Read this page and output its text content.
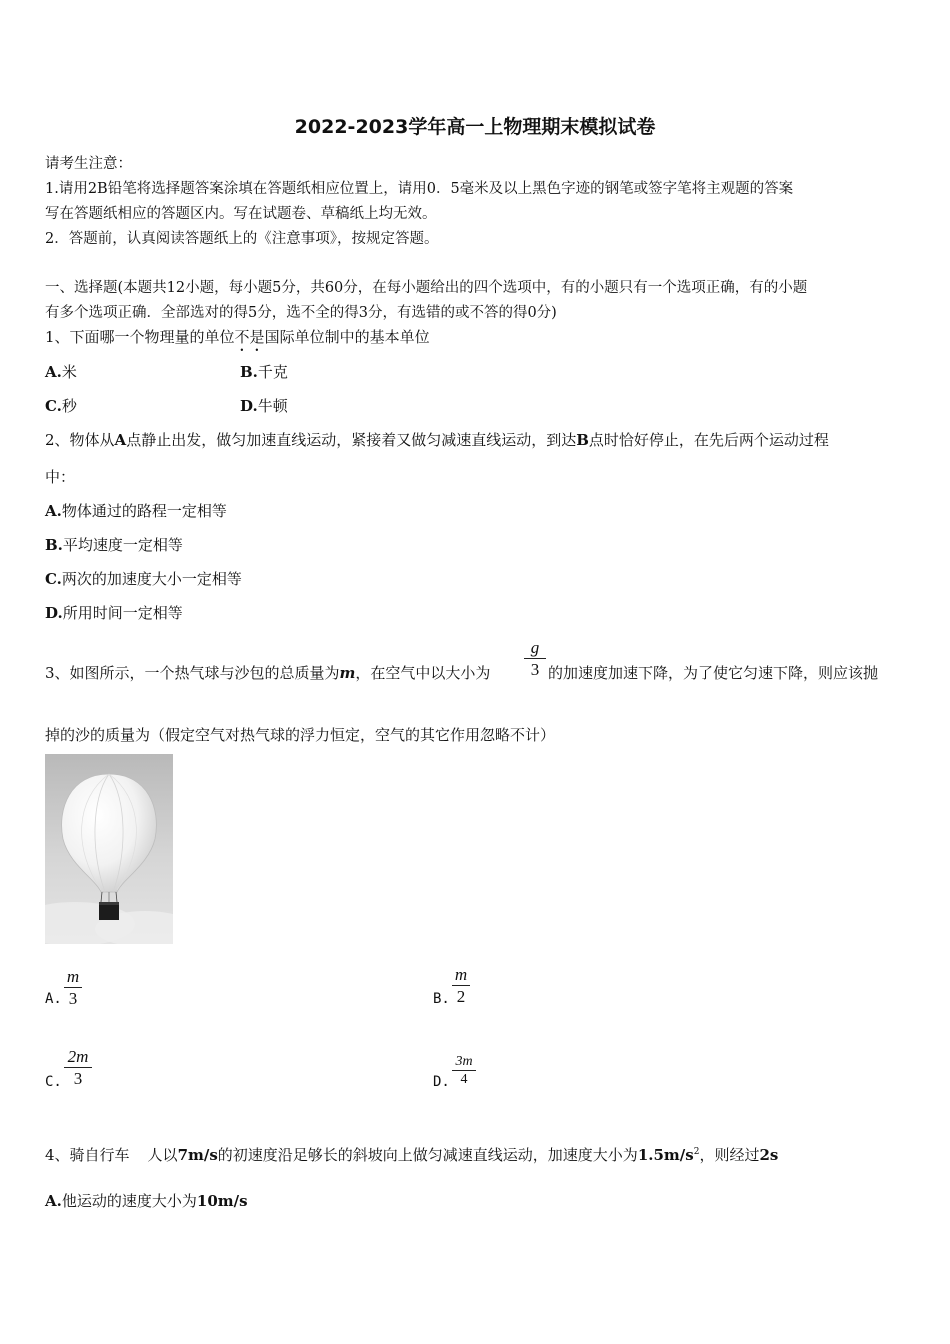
2022-2023学年高一上物理期末模拟试卷
请考生注意：
1.请用2B铅笔将选择题答案涂填在答题纸相应位置上，请用0．5毫米及以上黑色字迹的钢笔或签字笔将主观题的答案
写在答题纸相应的答题区内。写在试题卷、草稿纸上均无效。
2．答题前，认真阅读答题纸上的《注意事项》，按规定答题。
一、选择题(本题共12小题，每小题5分，共60分，在每小题给出的四个选项中，有的小题只有一个选项正确，有的小题
有多个选项正确．全部选对的得5分，选不全的得3分，有选错的或不答的得0分)
1、下面哪一个物理量的单位不是国际单位制中的基本单位
A.米	B.千克
C.秒	D.牛顿
2、物体从A点静止出发，做匀加速直线运动，紧接着又做匀减速直线运动，到达B点时恰好停止，在先后两个运动过程
中：
A.物体通过的路程一定相等
B.平均速度一定相等
C.两次的加速度大小一定相等
D.所用时间一定相等
3、如图所示，一个热气球与沙包的总质量为m，在空气中以大小为
g
3 的加速度加速下降，为了使它匀速下降，则应该抛
掉的沙的质量为（假定空气对热气球的浮力恒定，空气的其它作用忽略不计）
A.
m
3	B.
m
2
C.
2m
3	D.
3m
4
4、骑自行车 人以7m/s的初速度沿足够长的斜坡向上做匀减速直线运动，加速度大小为$1.5m/s^2$，则经过2s
A.他运动的速度大小为10m/s
